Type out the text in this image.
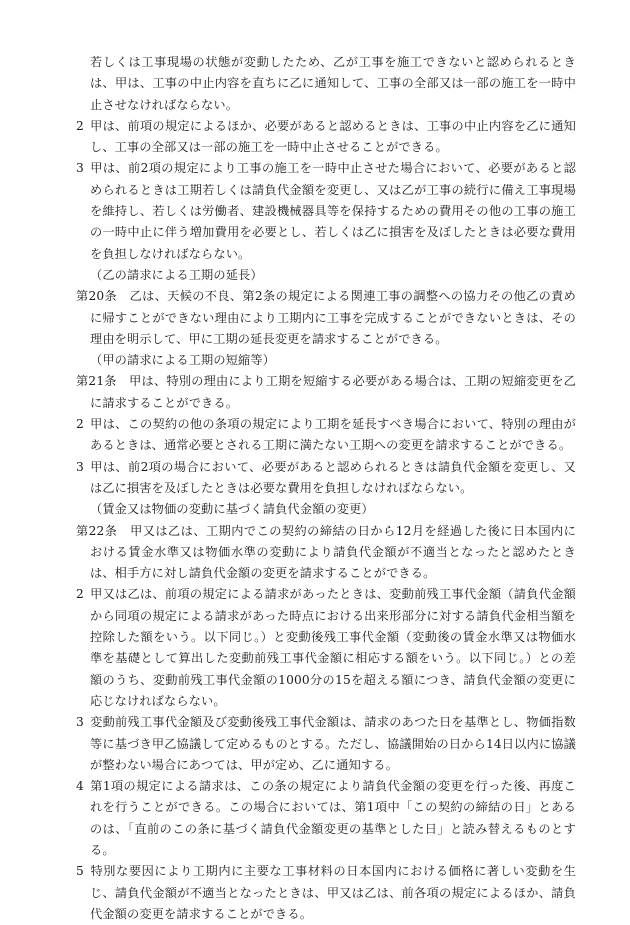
若しくは工事現場の状態が変動したため、乙が工事を施工できないと認められるときは、甲は、工事の中止内容を直ちに乙に通知して、工事の全部又は一部の施工を一時中止させなければならない。

2 甲は、前項の規定によるほか、必要があると認めるときは、工事の中止内容を乙に通知し、工事の全部又は一部の施工を一時中止させることができる。

3 甲は、前2項の規定により工事の施工を一時中止させた場合において、必要があると認められるときは工期若しくは請負代金額を変更し、又は乙が工事の続行に備え工事現場を維持し、若しくは労働者、建設機械器具等を保持するための費用その他の工事の施工の一時中止に伴う増加費用を必要とし、若しくは乙に損害を及ぼしたときは必要な費用を負担しなければならない。

（乙の請求による工期の延長）

第20条　 乙は、天候の不良、第2条の規定による関連工事の調整への協力その他乙の責めに帰すことができない理由により工期内に工事を完成することができないときは、その理由を明示して、甲に工期の延長変更を請求することができる。

（甲の請求による工期の短縮等）

第21条　 甲は、特別の理由により工期を短縮する必要がある場合は、工期の短縮変更を乙に請求することができる。

2 甲は、この契約の他の条項の規定により工期を延長すべき場合において、特別の理由があるときは、通常必要とされる工期に満たない工期への変更を請求することができる。

3 甲は、前2項の場合において、必要があると認められるときは請負代金額を変更し、又は乙に損害を及ぼしたときは必要な費用を負担しなければならない。

（賃金又は物価の変動に基づく請負代金額の変更）

第22条　 甲又は乙は、工期内でこの契約の締結の日から12月を経過した後に日本国内における賃金水準又は物価水準の変動により請負代金額が不適当となったと認めたときは、相手方に対し請負代金額の変更を請求することができる。

2 甲又は乙は、前項の規定による請求があったときは、変動前残工事代金額（請負代金額から同項の規定による請求があった時点における出来形部分に対する請負代金相当額を控除した額をいう。以下同じ。）と変動後残工事代金額（変動後の賃金水準又は物価水準を基礎として算出した変動前残工事代金額に相応する額をいう。以下同じ。）との差額のうち、変動前残工事代金額の1000分の15を超える額につき、請負代金額の変更に応じなければならない。

3 変動前残工事代金額及び変動後残工事代金額は、請求のあつた日を基準とし、物価指数等に基づき甲乙協議して定めるものとする。ただし、協議開始の日から14日以内に協議が整わない場合にあつては、甲が定め、乙に通知する。

4 第1項の規定による請求は、この条の規定により請負代金額の変更を行った後、再度これを行うことができる。この場合においては、第1項中「この契約の締結の日」とあるのは、「直前のこの条に基づく請負代金額変更の基準とした日」と読み替えるものとする。

5 特別な要因により工期内に主要な工事材料の日本国内における価格に著しい変動を生じ、請負代金額が不適当となったときは、甲又は乙は、前各項の規定によるほか、請負代金額の変更を請求することができる。
